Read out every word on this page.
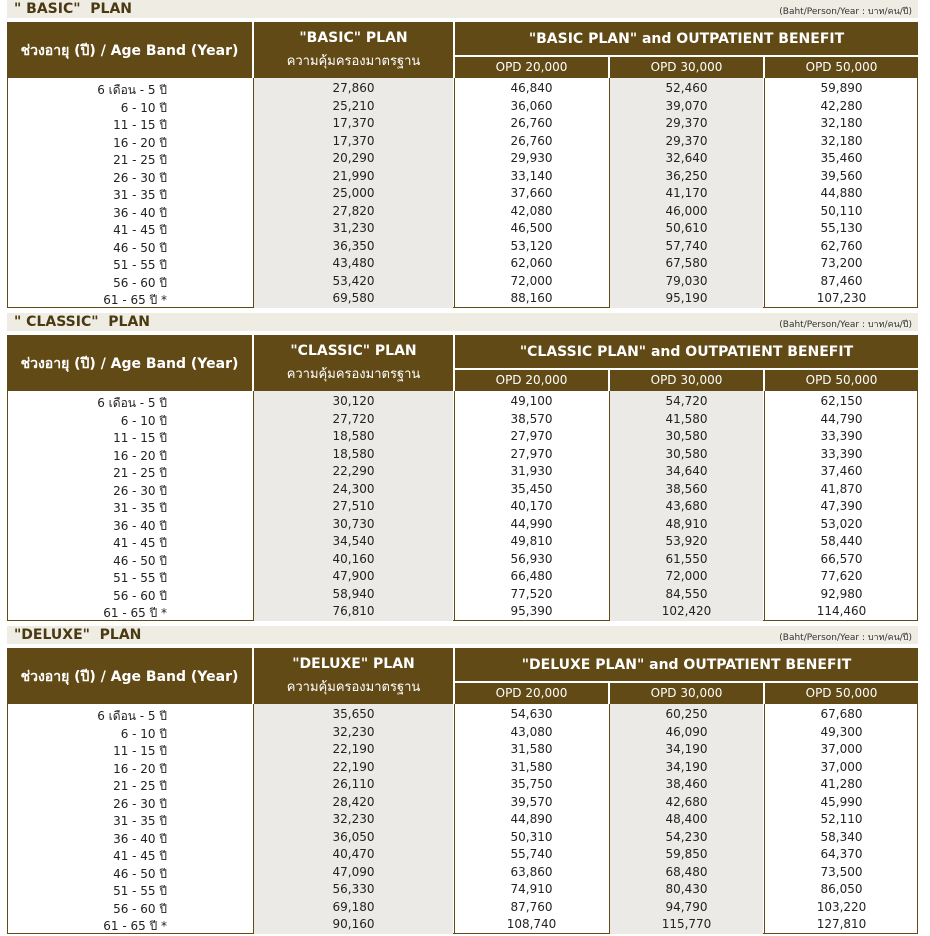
" BASIC"  PLAN	(Baht/Person/Year : บาท/คน/ปี)
ช่วงอายุ (ปี) / Age Band (Year)
"BASIC" PLAN
ความคุ้มครองมาตรฐาน
"BASIC PLAN" and OUTPATIENT BENEFIT
OPD 20,000	OPD 30,000	OPD 50,000
6 เดือน - 5 ปี	27,860	46,840	52,460	59,890
6 - 10 ปี	25,210	36,060	39,070	42,280
11 - 15 ปี	17,370	26,760	29,370	32,180
16 - 20 ปี	17,370	26,760	29,370	32,180
21 - 25 ปี	20,290	29,930	32,640	35,460
26 - 30 ปี	21,990	33,140	36,250	39,560
31 - 35 ปี	25,000	37,660	41,170	44,880
36 - 40 ปี	27,820	42,080	46,000	50,110
41 - 45 ปี	31,230	46,500	50,610	55,130
46 - 50 ปี	36,350	53,120	57,740	62,760
51 - 55 ปี	43,480	62,060	67,580	73,200
56 - 60 ปี	53,420	72,000	79,030	87,460
61 - 65 ปี *	69,580	88,160	95,190	107,230
" CLASSIC"  PLAN	(Baht/Person/Year : บาท/คน/ปี)
ช่วงอายุ (ปี) / Age Band (Year)
"CLASSIC" PLAN
ความคุ้มครองมาตรฐาน
"CLASSIC PLAN" and OUTPATIENT BENEFIT
OPD 20,000	OPD 30,000	OPD 50,000
6 เดือน - 5 ปี	30,120	49,100	54,720	62,150
6 - 10 ปี	27,720	38,570	41,580	44,790
11 - 15 ปี	18,580	27,970	30,580	33,390
16 - 20 ปี	18,580	27,970	30,580	33,390
21 - 25 ปี	22,290	31,930	34,640	37,460
26 - 30 ปี	24,300	35,450	38,560	41,870
31 - 35 ปี	27,510	40,170	43,680	47,390
36 - 40 ปี	30,730	44,990	48,910	53,020
41 - 45 ปี	34,540	49,810	53,920	58,440
46 - 50 ปี	40,160	56,930	61,550	66,570
51 - 55 ปี	47,900	66,480	72,000	77,620
56 - 60 ปี	58,940	77,520	84,550	92,980
61 - 65 ปี *	76,810	95,390	102,420	114,460
"DELUXE"  PLAN	(Baht/Person/Year : บาท/คน/ปี)
ช่วงอายุ (ปี) / Age Band (Year)
"DELUXE" PLAN
ความคุ้มครองมาตรฐาน
"DELUXE PLAN" and OUTPATIENT BENEFIT
OPD 20,000	OPD 30,000	OPD 50,000
6 เดือน - 5 ปี	35,650	54,630	60,250	67,680
6 - 10 ปี	32,230	43,080	46,090	49,300
11 - 15 ปี	22,190	31,580	34,190	37,000
16 - 20 ปี	22,190	31,580	34,190	37,000
21 - 25 ปี	26,110	35,750	38,460	41,280
26 - 30 ปี	28,420	39,570	42,680	45,990
31 - 35 ปี	32,230	44,890	48,400	52,110
36 - 40 ปี	36,050	50,310	54,230	58,340
41 - 45 ปี	40,470	55,740	59,850	64,370
46 - 50 ปี	47,090	63,860	68,480	73,500
51 - 55 ปี	56,330	74,910	80,430	86,050
56 - 60 ปี	69,180	87,760	94,790	103,220
61 - 65 ปี *	90,160	108,740	115,770	127,810
